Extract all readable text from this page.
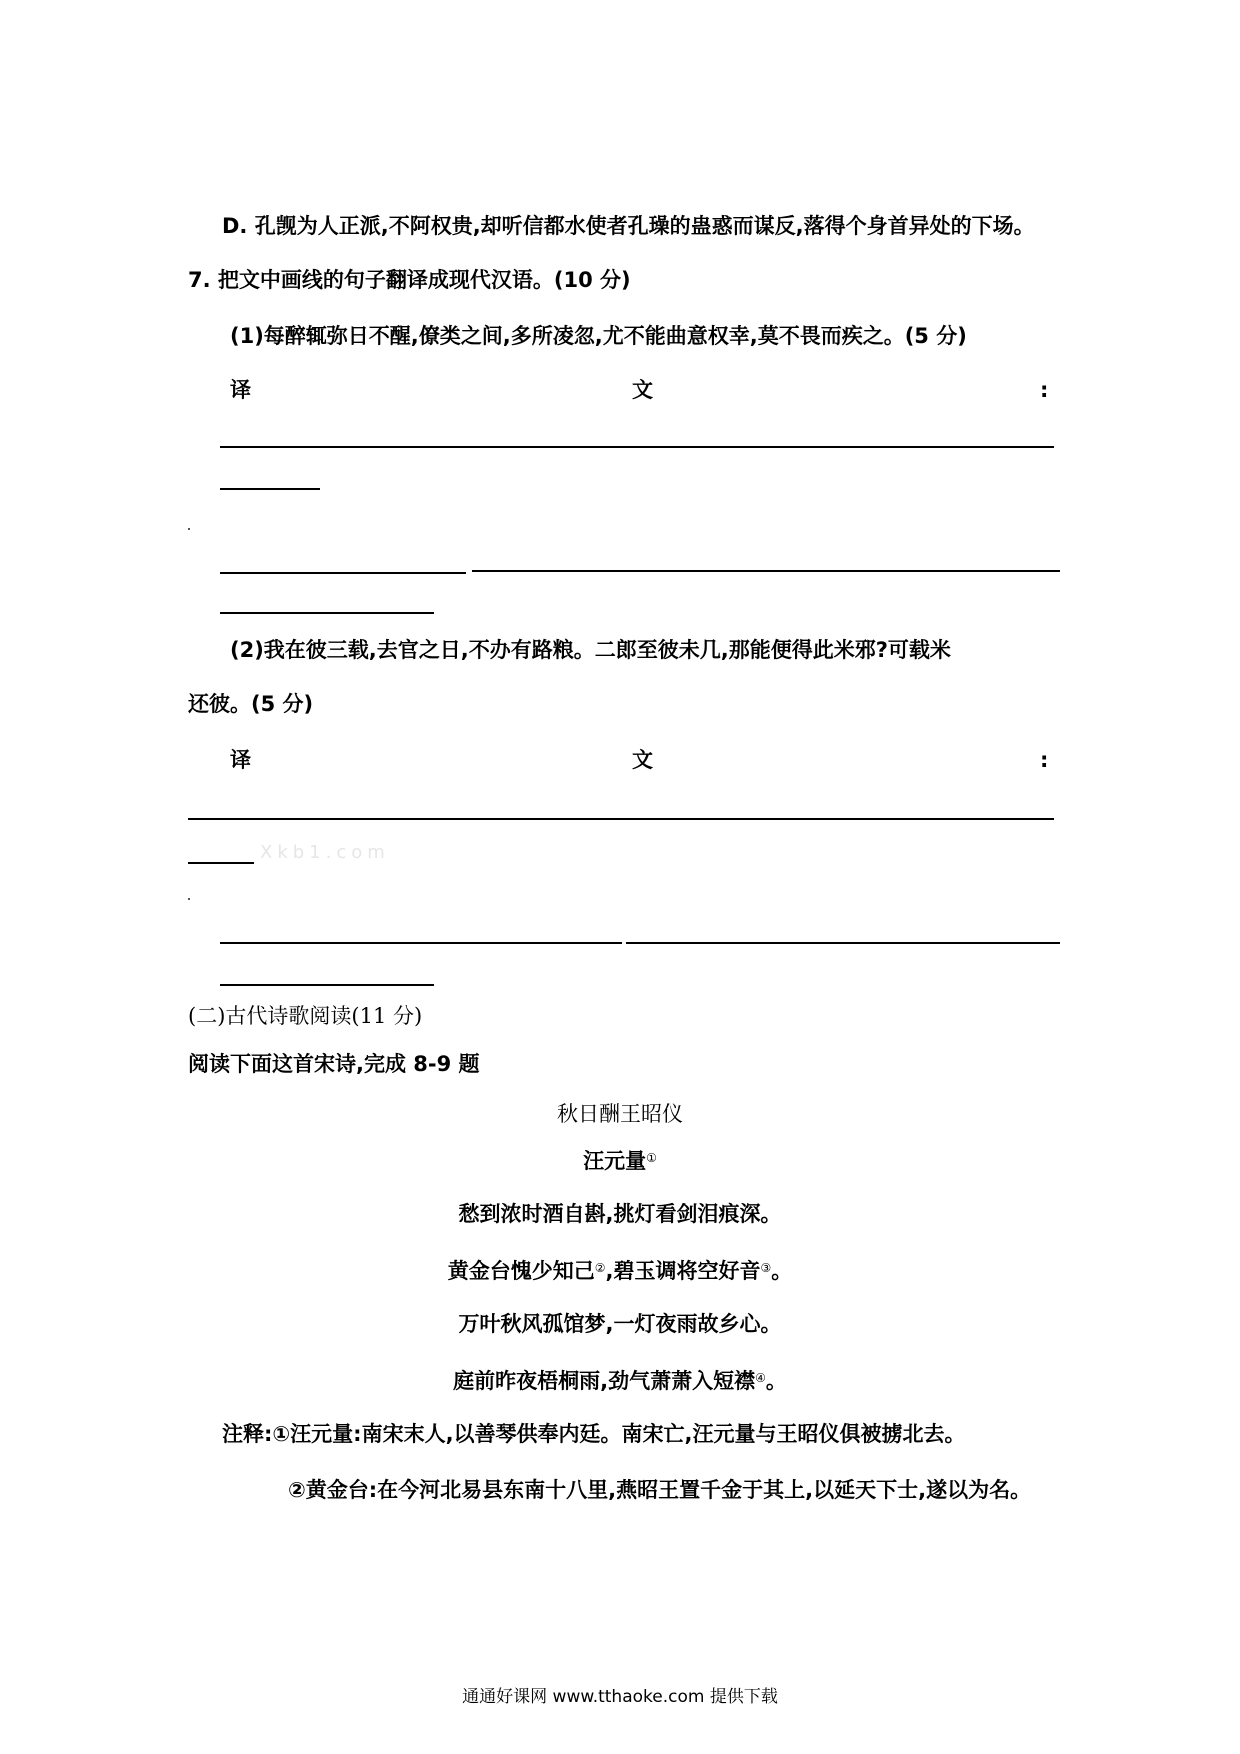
D. 孔觊为人正派,不阿权贵,却听信都水使者孔璪的蛊惑而谋反,落得个身首异处的下场。
7. 把文中画线的句子翻译成现代汉语。(10 分)
(1)每醉辄弥日不醒,僚类之间,多所凌忽,尤不能曲意权幸,莫不畏而疾之。(5 分)
译	文	:
(2)我在彼三载,去官之日,不办有路粮。二郎至彼未几,那能便得此米邪?可载米
还彼。(5 分)
译	文	:
Xkb1.com
(二)古代诗歌阅读(11 分)
阅读下面这首宋诗,完成 8-9 题
秋日酬王昭仪
汪元量①
愁到浓时酒自斟,挑灯看剑泪痕深。
黄金台愧少知己②,碧玉调将空好音③。
万叶秋风孤馆梦,一灯夜雨故乡心。
庭前昨夜梧桐雨,劲气萧萧入短襟④。
注释:①汪元量:南宋末人,以善琴供奉内廷。南宋亡,汪元量与王昭仪俱被掳北去。
②黄金台:在今河北易县东南十八里,燕昭王置千金于其上,以延天下士,遂以为名。
通通好课网 www.tthaoke.com 提供下载
